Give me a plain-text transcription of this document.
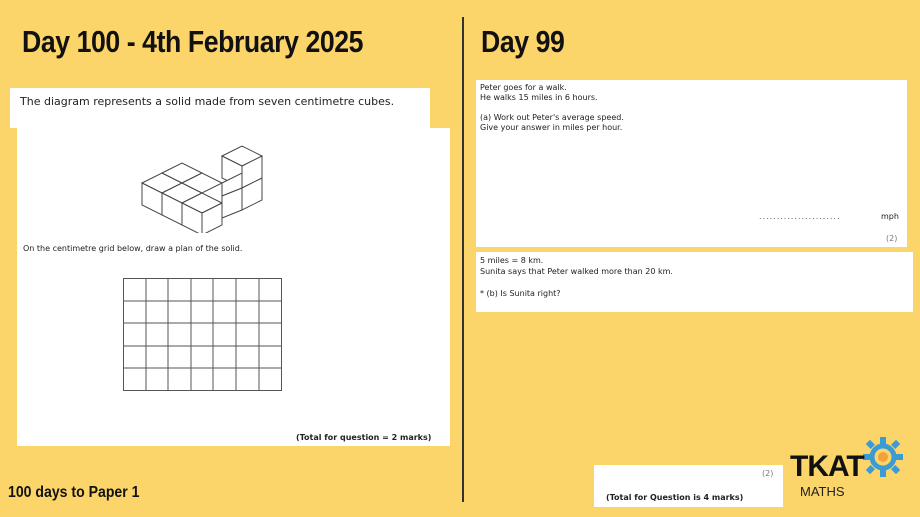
Day 100 - 4th February 2025	Day 99
The diagram represents a solid made from seven centimetre cubes.
On the centimetre grid below, draw a plan of the solid.
(Total for question = 2 marks)
Peter goes for a walk.
He walks 15 miles in 6 hours.
(a) Work out Peter's average speed.
Give your answer in miles per hour.
.......................	mph
(2)
5 miles = 8 km.
Sunita says that Peter walked more than 20 km.
* (b) Is Sunita right?
(2)
(Total for Question is 4 marks)
100 days to Paper 1
TKAT
MATHS
